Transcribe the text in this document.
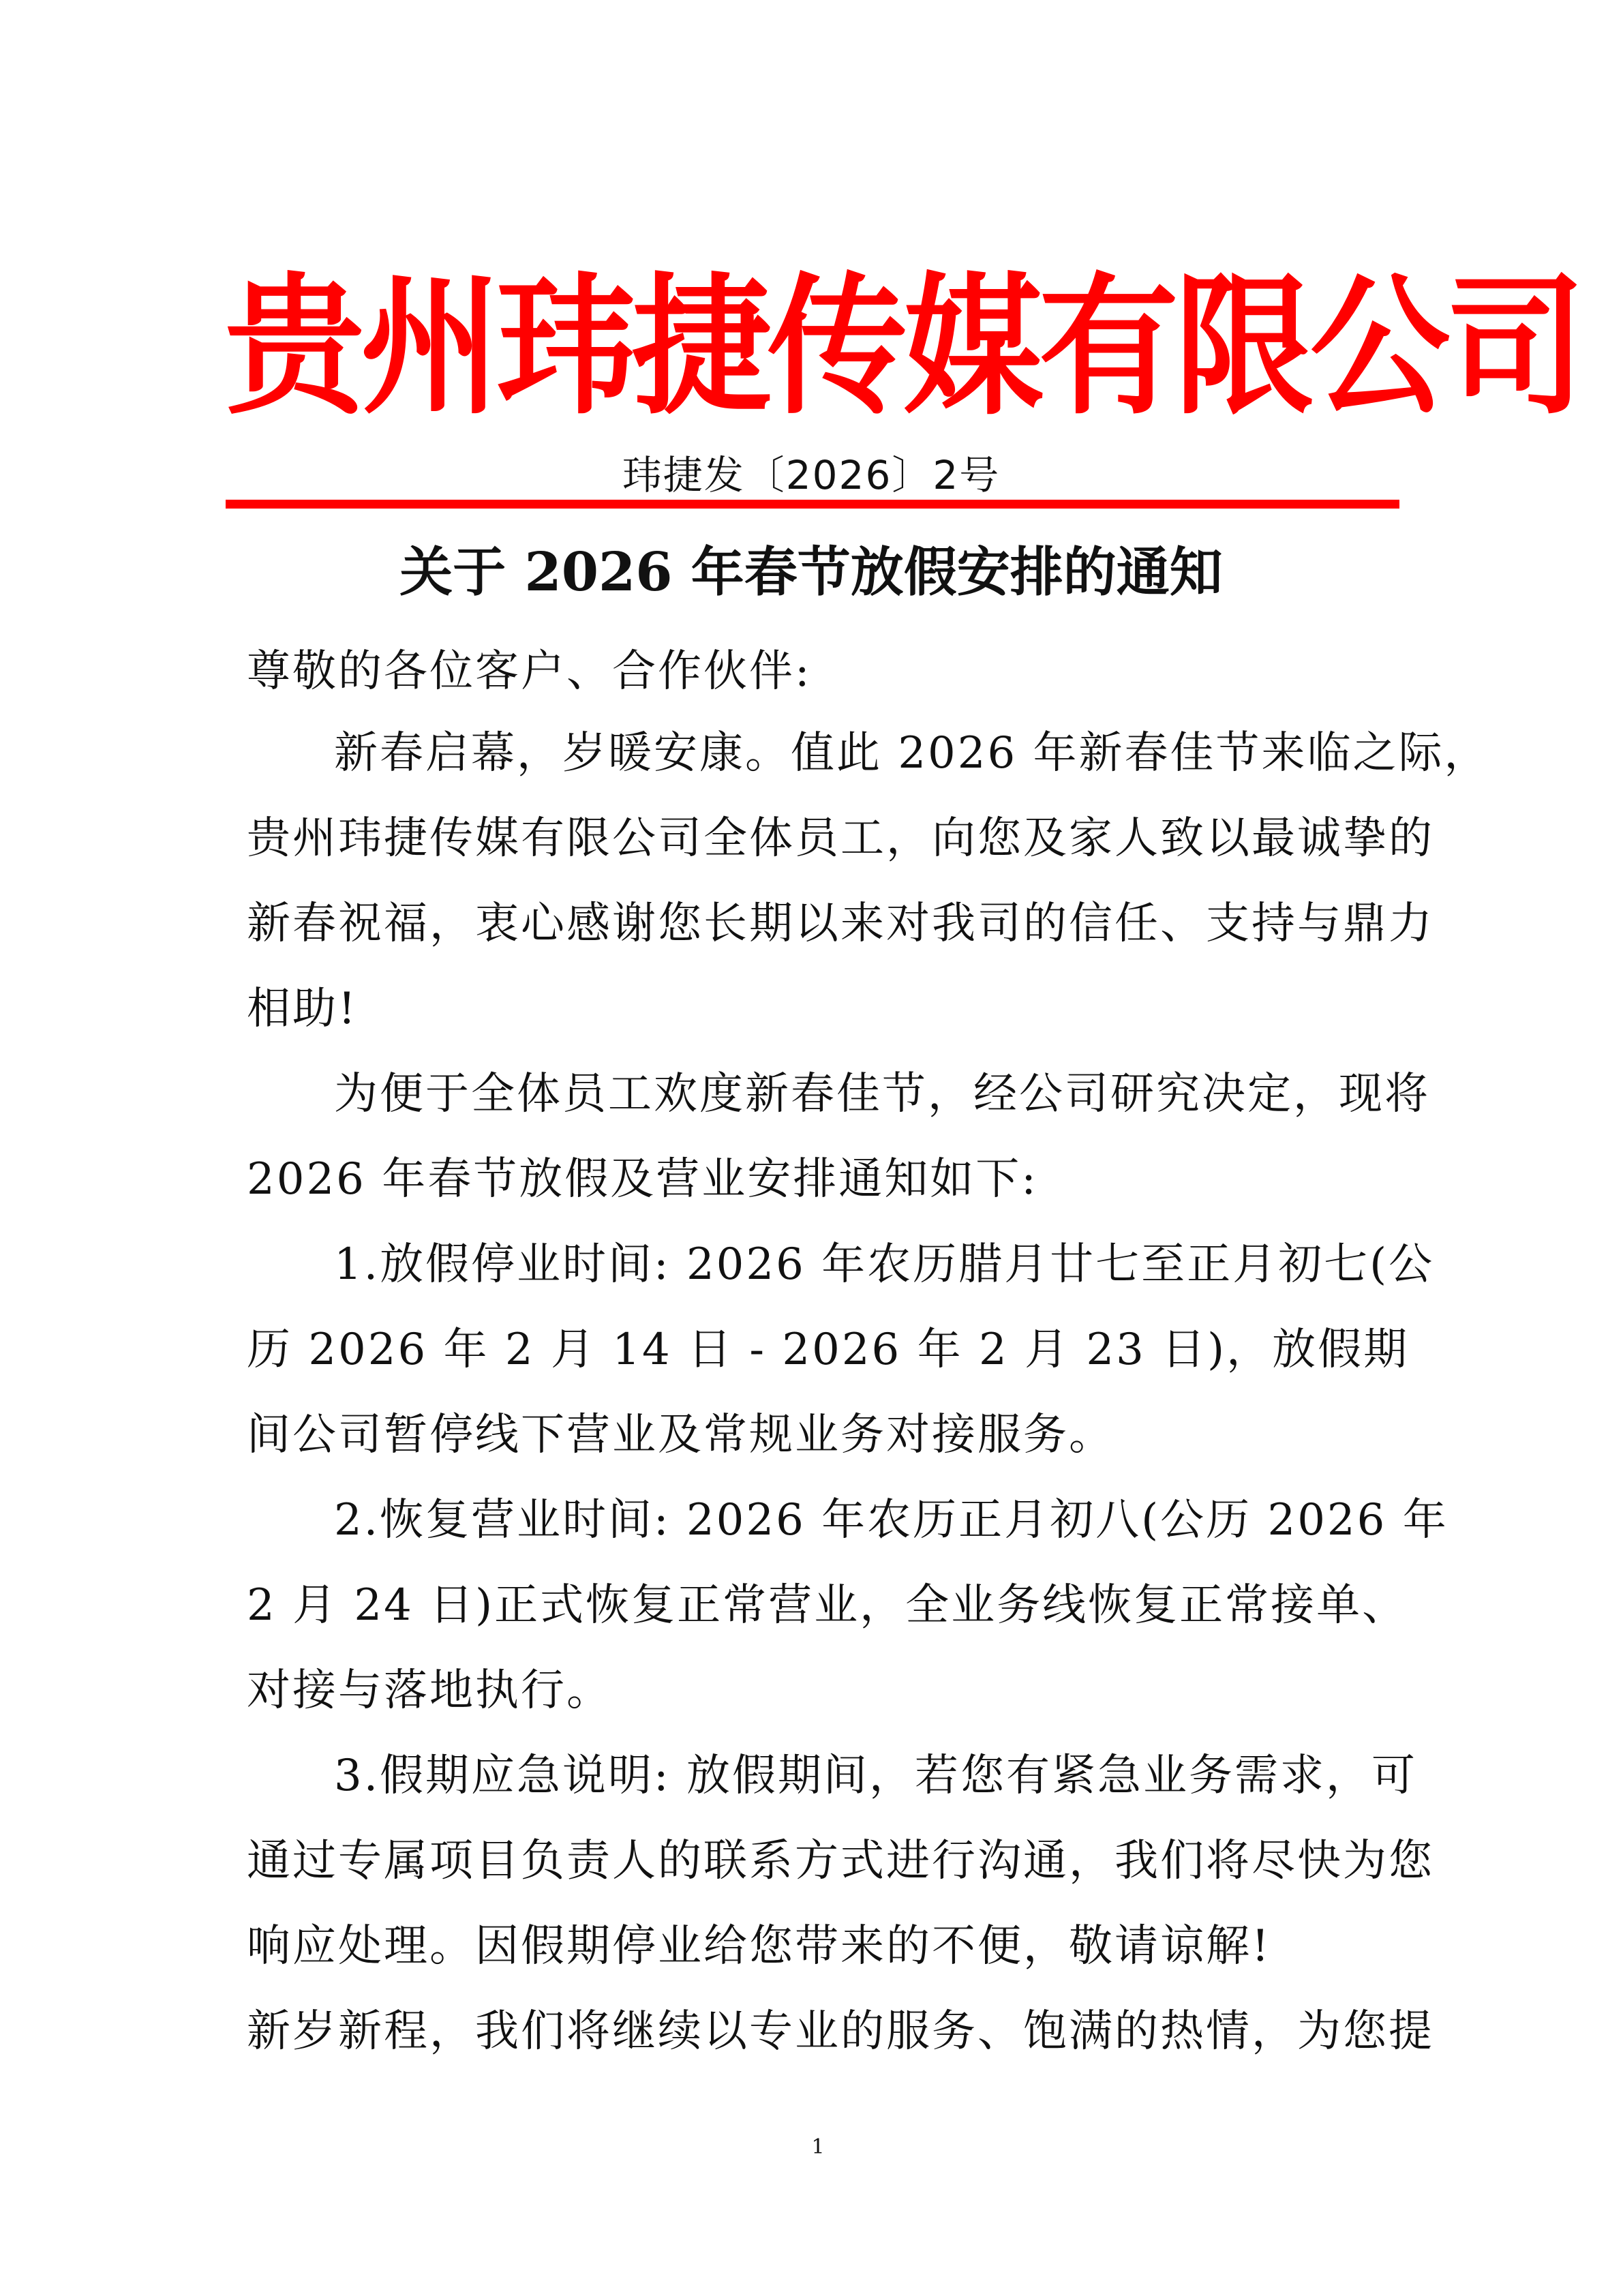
贵州玮捷传媒有限公司
玮捷发〔2026〕2号
关于 2026 年春节放假安排的通知
尊敬的各位客户、合作伙伴:
新春启幕，岁暖安康。值此 2026 年新春佳节来临之际，
贵州玮捷传媒有限公司全体员工，向您及家人致以最诚挚的
新春祝福，衷心感谢您长期以来对我司的信任、支持与鼎力
相助!
为便于全体员工欢度新春佳节，经公司研究决定，现将
2026 年春节放假及营业安排通知如下:
1.放假停业时间: 2026 年农历腊月廿七至正月初七(公
历 2026 年 2 月 14 日 - 2026 年 2 月 23 日)，放假期
间公司暂停线下营业及常规业务对接服务。
2.恢复营业时间: 2026 年农历正月初八(公历 2026 年
2 月 24 日)正式恢复正常营业，全业务线恢复正常接单、
对接与落地执行。
3.假期应急说明: 放假期间，若您有紧急业务需求，可
通过专属项目负责人的联系方式进行沟通，我们将尽快为您
响应处理。因假期停业给您带来的不便，敬请谅解!
新岁新程，我们将继续以专业的服务、饱满的热情，为您提
1
